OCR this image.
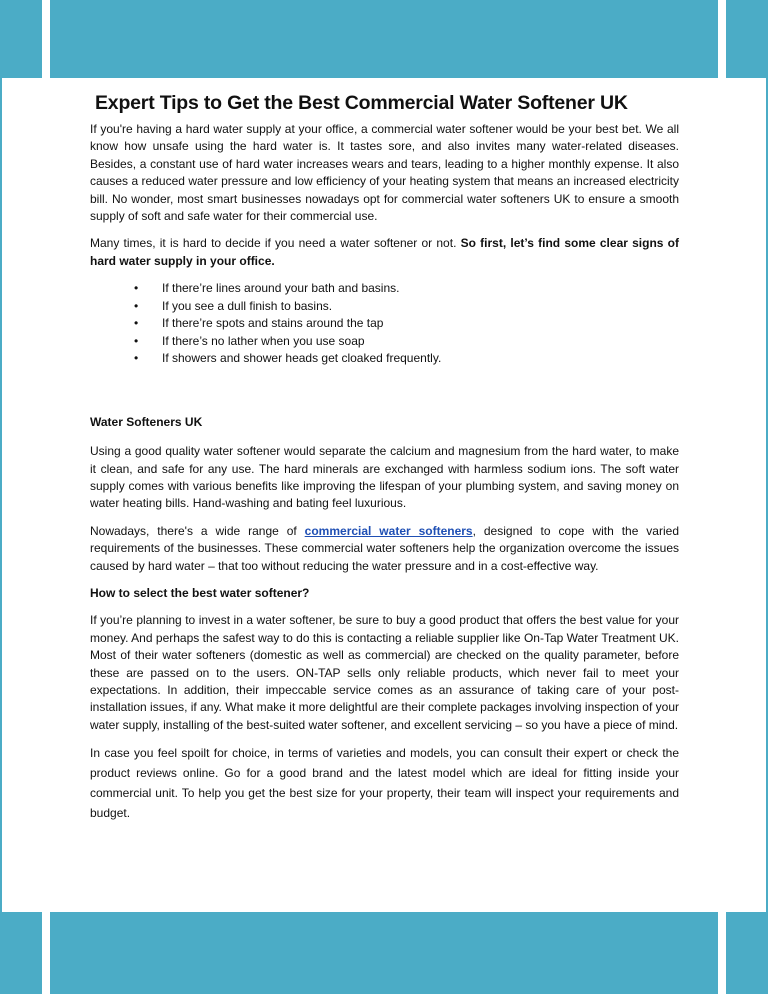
Expert Tips to Get the Best Commercial Water Softener UK

If you're having a hard water supply at your office, a commercial water softener would be your best bet. We all know how unsafe using the hard water is. It tastes sore, and also invites many water-related diseases. Besides, a constant use of hard water increases wears and tears, leading to a higher monthly expense. It also causes a reduced water pressure and low efficiency of your heating system that means an increased electricity bill. No wonder, most smart businesses nowadays opt for commercial water softeners UK to ensure a smooth supply of soft and safe water for their commercial use.

Many times, it is hard to decide if you need a water softener or not. So first, let’s find some clear signs of hard water supply in your office.

• If there’re lines around your bath and basins.
• If you see a dull finish to basins.
• If there’re spots and stains around the tap
• If there’s no lather when you use soap
• If showers and shower heads get cloaked frequently.

Water Softeners UK

Using a good quality water softener would separate the calcium and magnesium from the hard water, to make it clean, and safe for any use. The hard minerals are exchanged with harmless sodium ions. The soft water supply comes with various benefits like improving the lifespan of your plumbing system, and saving money on water heating bills. Hand-washing and bating feel luxurious.

Nowadays, there's a wide range of commercial water softeners, designed to cope with the varied requirements of the businesses. These commercial water softeners help the organization overcome the issues caused by hard water – that too without reducing the water pressure and in a cost-effective way.

How to select the best water softener?

If you’re planning to invest in a water softener, be sure to buy a good product that offers the best value for your money. And perhaps the safest way to do this is contacting a reliable supplier like On-Tap Water Treatment UK. Most of their water softeners (domestic as well as commercial) are checked on the quality parameter, before these are passed on to the users. ON-TAP sells only reliable products, which never fail to meet your expectations. In addition, their impeccable service comes as an assurance of taking care of your post-installation issues, if any. What make it more delightful are their complete packages involving inspection of your water supply, installing of the best-suited water softener, and excellent servicing – so you have a piece of mind.

In case you feel spoilt for choice, in terms of varieties and models, you can consult their expert or check the product reviews online. Go for a good brand and the latest model which are ideal for fitting inside your commercial unit. To help you get the best size for your property, their team will inspect your requirements and budget.
